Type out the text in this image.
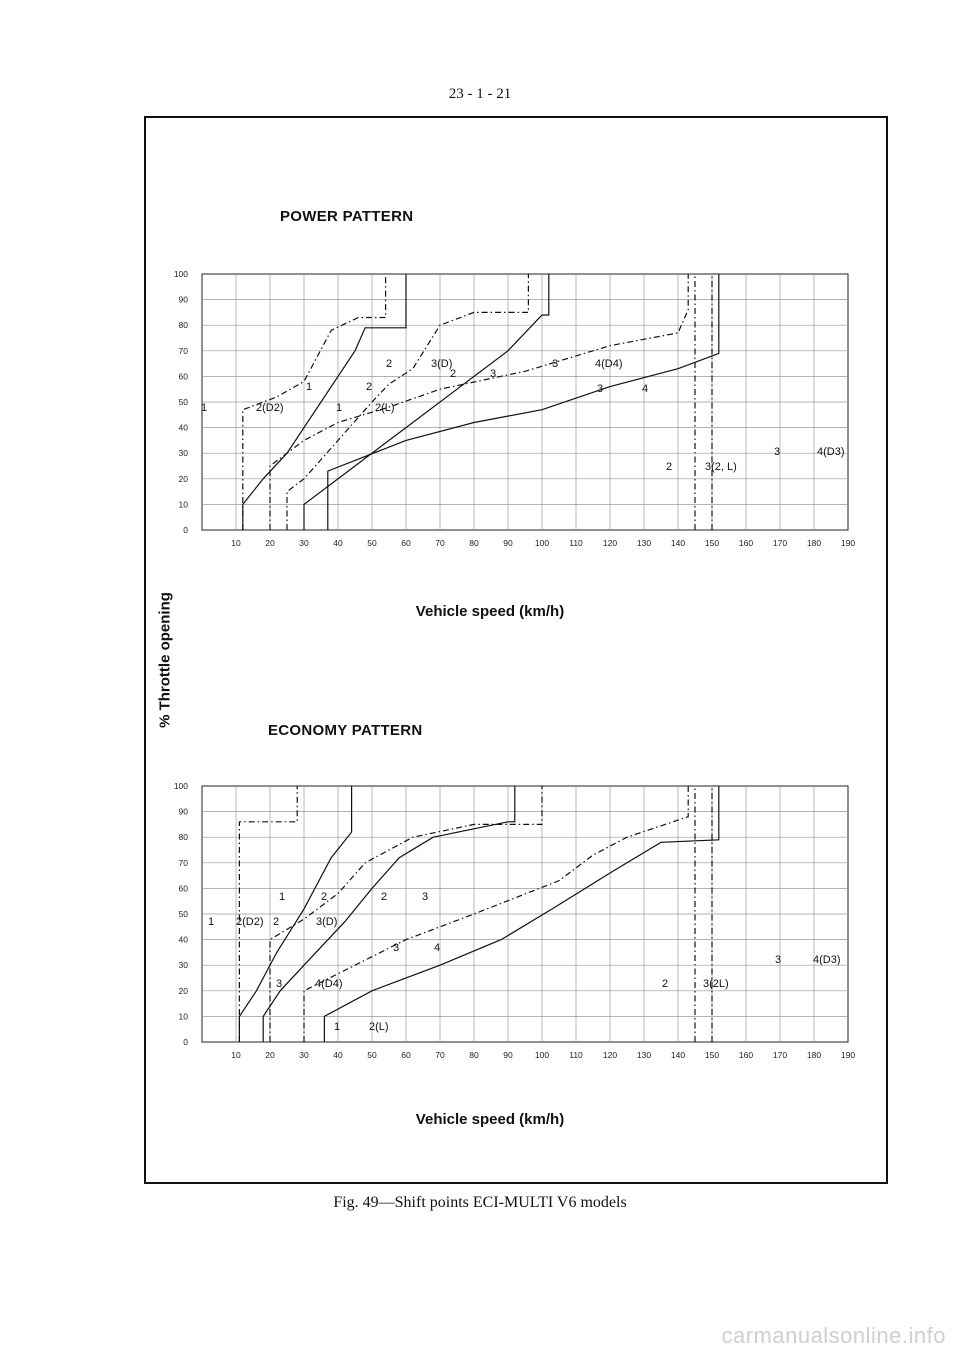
23 - 1 - 21
POWER PATTERN
ECONOMY PATTERN
Vehicle speed (km/h)
Vehicle speed (km/h)
% Throttle opening
10	20	30	40	50	60	70	80	90	100 110 120 130 140 150 160 170 180 190
0
10
20
30
40
50
60
70
80
90
100
1	2(D2)
1	2
1	2(L)
2	3(D)
2	3
3	4(D4)
3	4
2	3(2, L)
3	4(D3)
10	20	30	40	50	60	70	80	90	100 110 120 130 140 150 160 170 180 190
0
10
20
30
40
50
60
70
80
90
100
1 2(D2)
1	2
2	3(D)
2	3
3	4
3	4(D4)
1	2(L)
2	3(2L)
3	4(D3)
Fig. 49—Shift points ECI-MULTI V6 models
carmanualsonline.info
